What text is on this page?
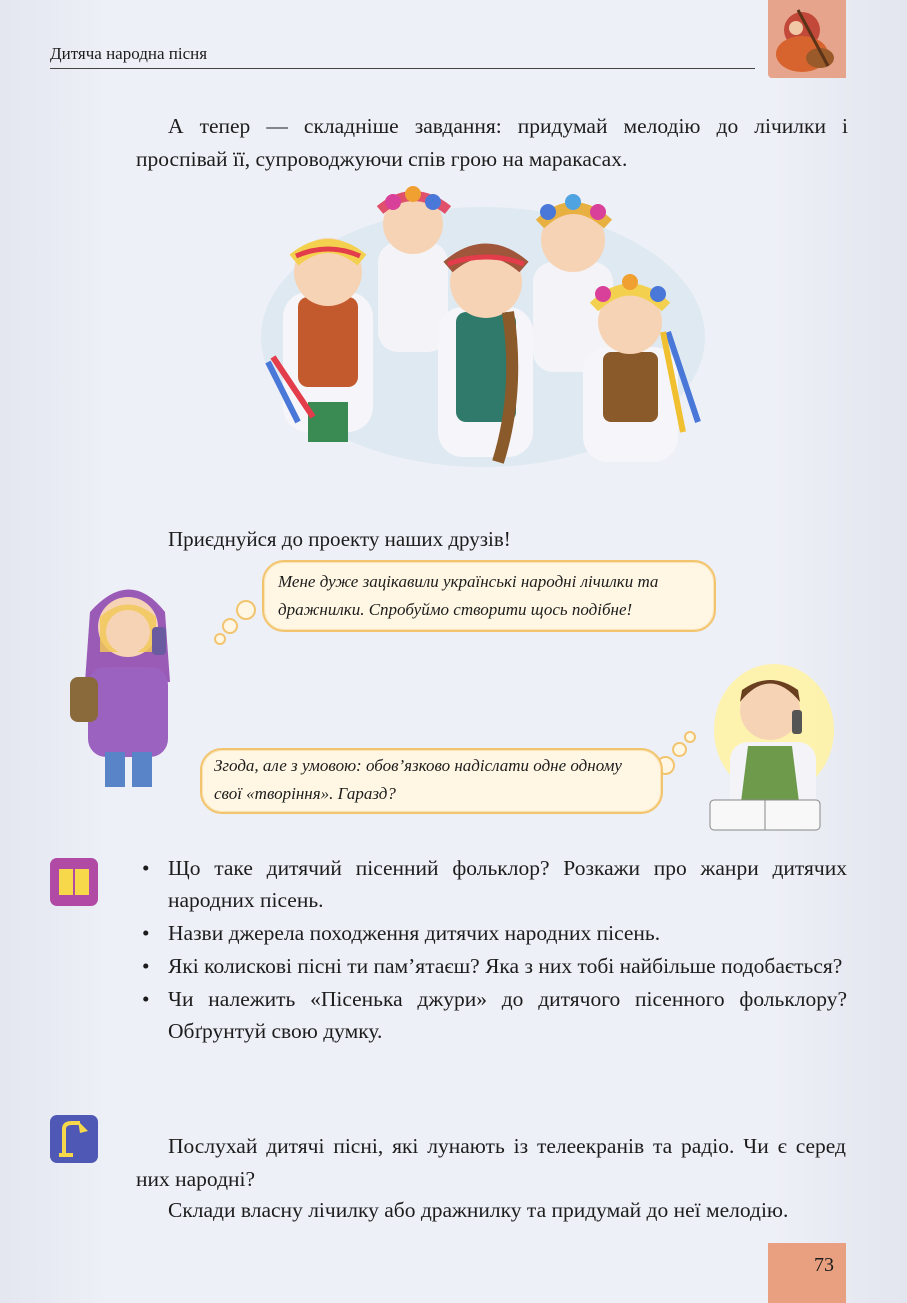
Дитяча народна пісня

А тепер — складніше завдання: придумай мелодію до лічилки і проспівай її, супроводжуючи спів грою на маракасах.

Приєднуйся до проекту наших друзів!

Мене дуже зацікавили українські народні лічилки та дражнилки. Спробуймо створити щось подібне!
Згода, але з умовою: обов’язково надіслати одне одному свої «творіння». Гаразд?
• Що таке дитячий пісенний фольклор? Розкажи про жанри дитячих народних пісень.
• Назви джерела походження дитячих народних пісень.
• Які колискові пісні ти пам’ятаєш? Яка з них тобі найбільше подобається?
• Чи належить «Пісенька джури» до дитячого пісенного фольклору? Обґрунтуй свою думку.

Послухай дитячі пісні, які лунають із телеекранів та радіо. Чи є серед них народні?

Склади власну лічилку або дражнилку та придумай до неї мелодію.

73
